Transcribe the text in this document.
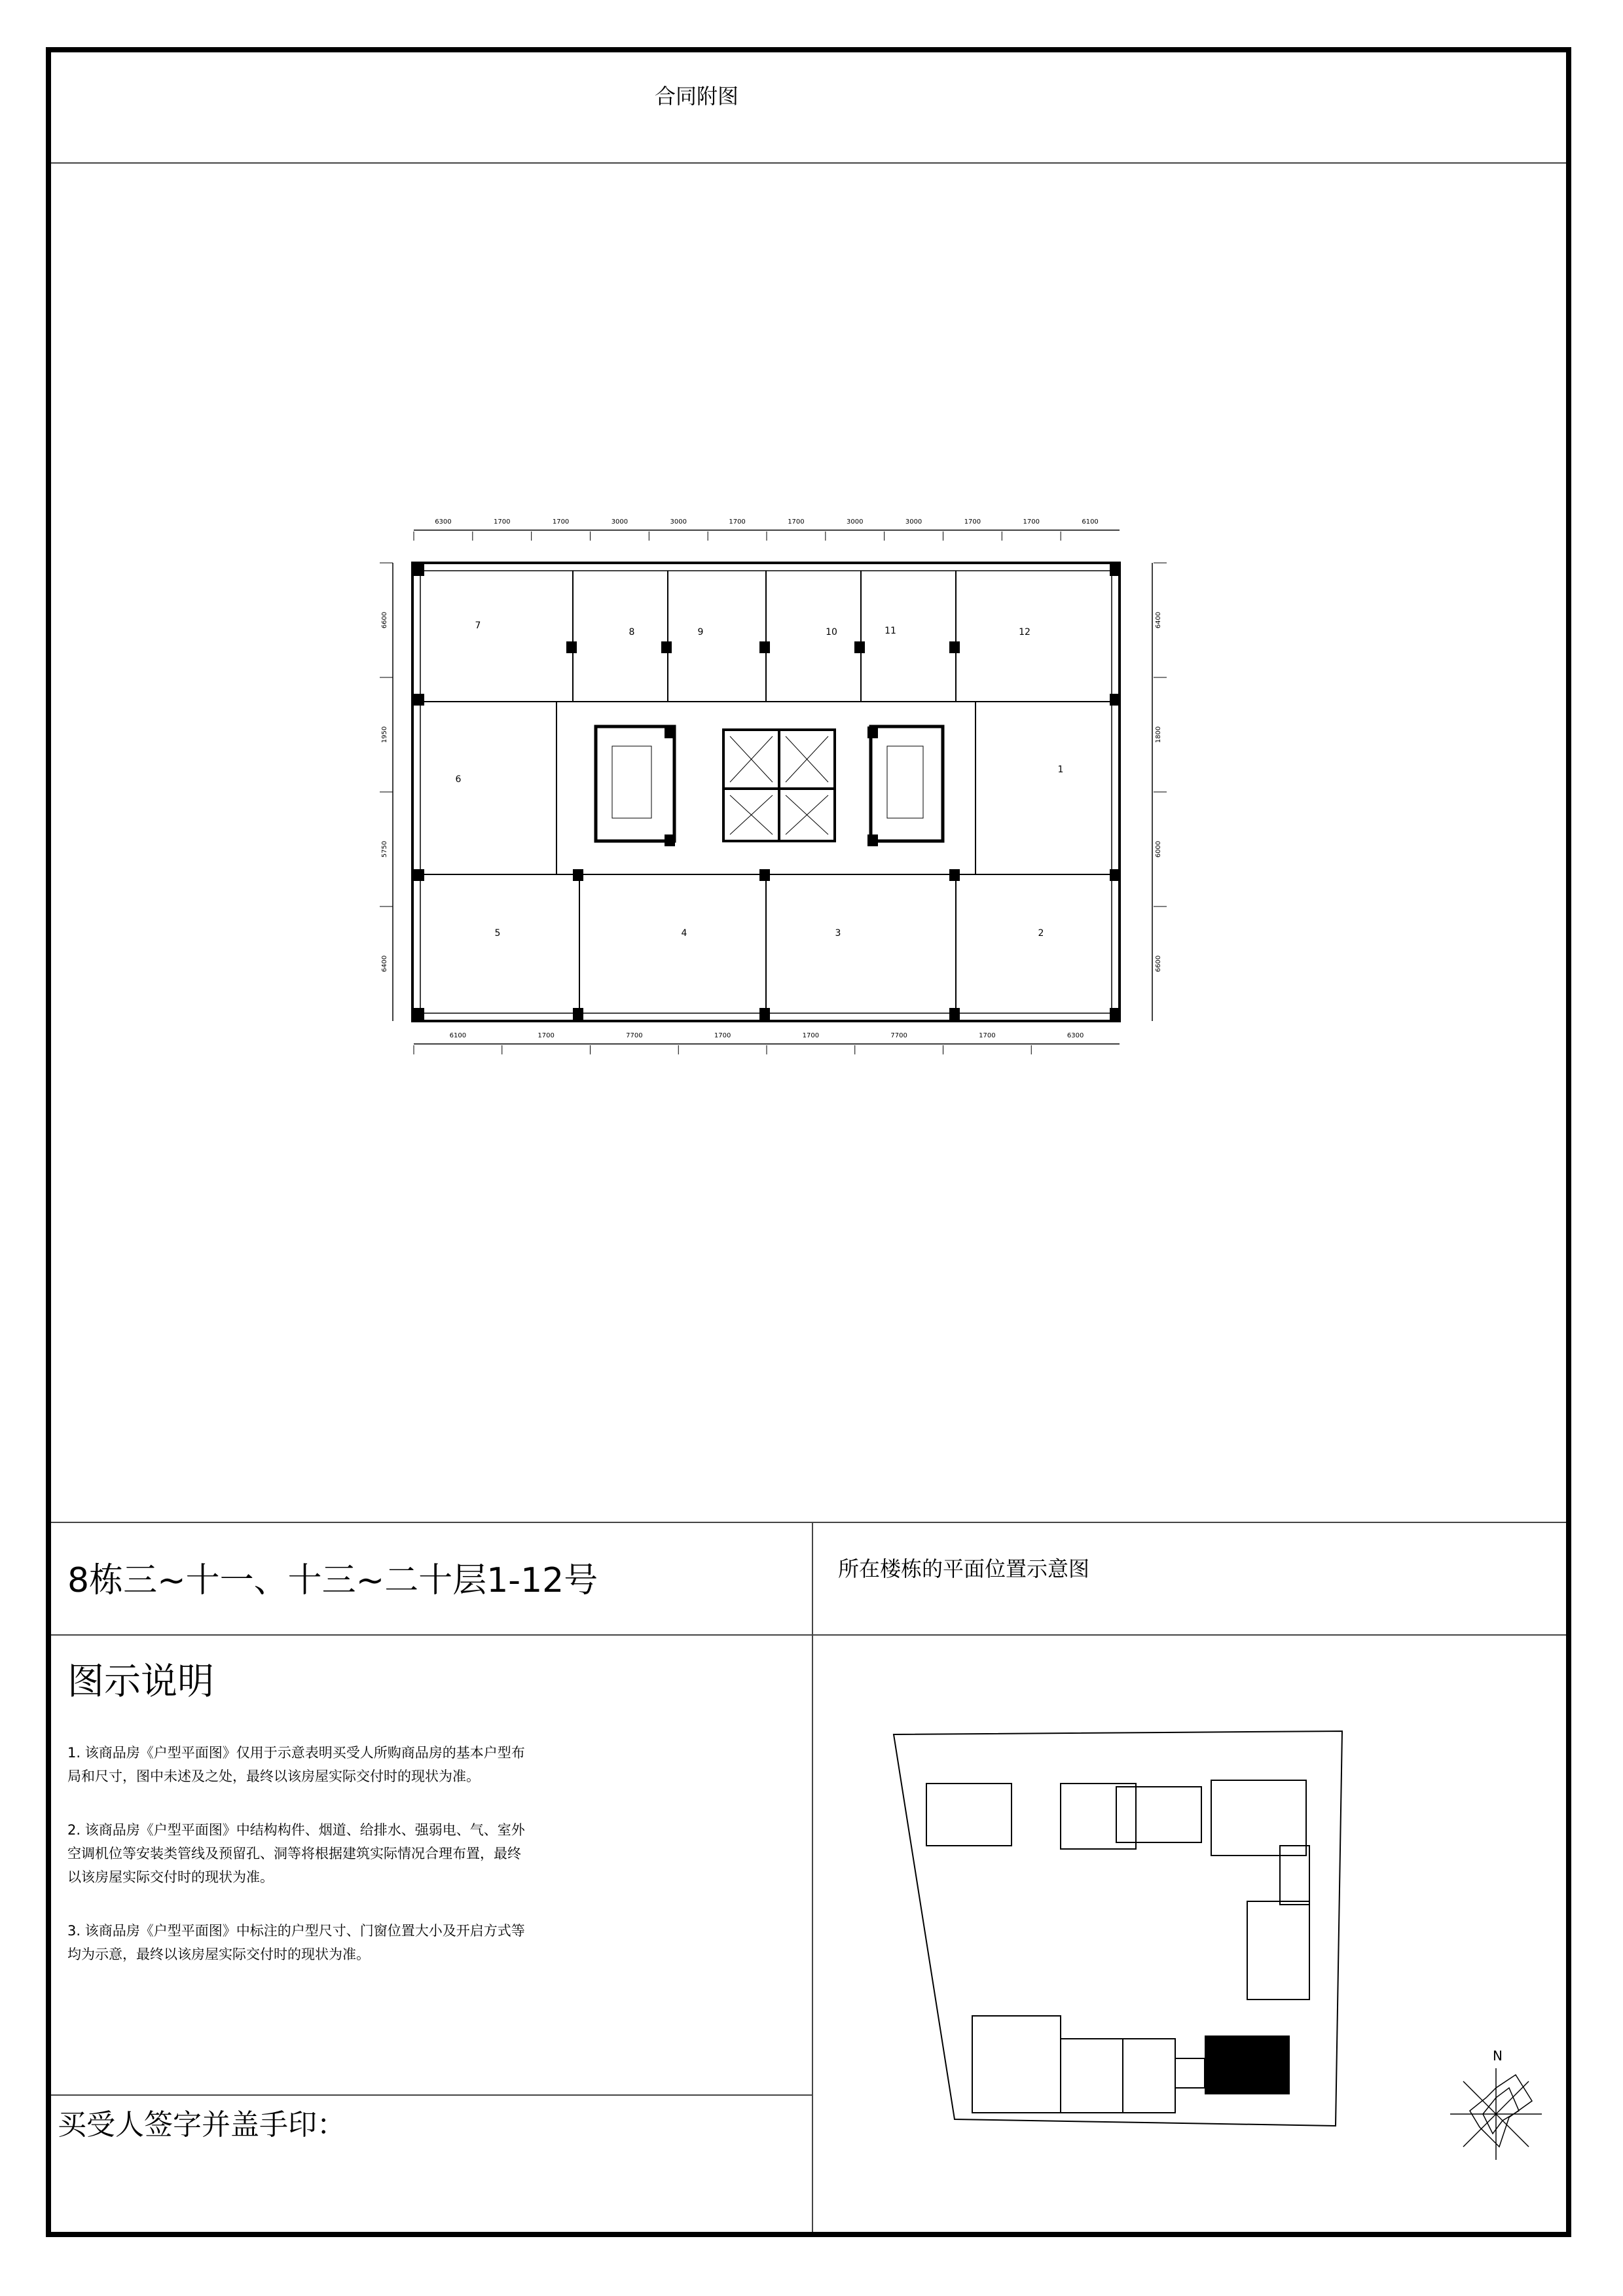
合同附图
6300	1700	1700	3000	3000	1700	1700	3000	3000	1700	1700	6100
6100	1700	7700	1700	1700	7700	1700	6300
6600
1950
5750
6400
6400
1800
6000
6600
1
2
3
4
5
6
7
8	9	10	11	12
8栋三~十一、十三~二十层1-12号	所在楼栋的平面位置示意图
图示说明
1. 该商品房《户型平面图》仅用于示意表明买受人所购商品房的基本户型布局和尺寸，图中未述及之处，最终以该房屋实际交付时的现状为准。
2. 该商品房《户型平面图》中结构构件、烟道、给排水、强弱电、气、室外空调机位等安装类管线及预留孔、洞等将根据建筑实际情况合理布置，最终以该房屋实际交付时的现状为准。
3. 该商品房《户型平面图》中标注的户型尺寸、门窗位置大小及开启方式等均为示意，最终以该房屋实际交付时的现状为准。
买受人签字并盖手印：
N
